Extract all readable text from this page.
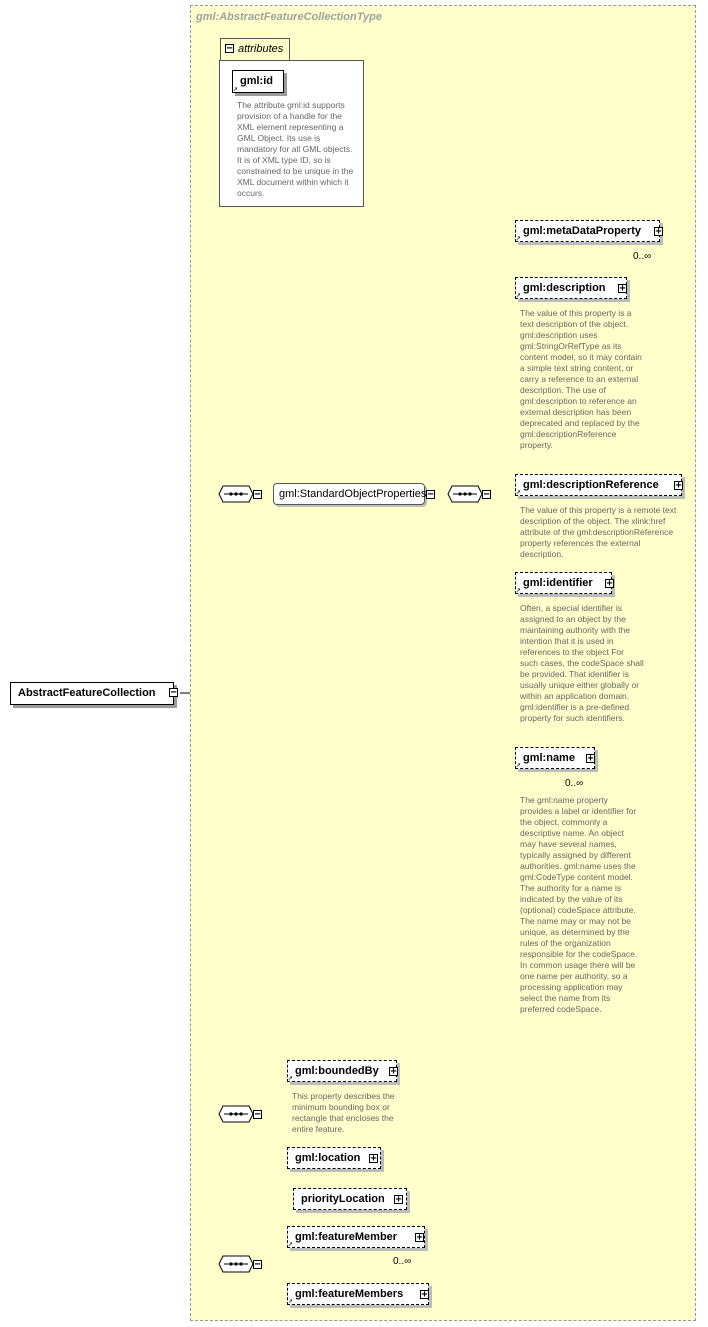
gml:AbstractFeatureCollectionType
AbstractFeatureCollection	−
− attributes
gml:id
↗
The attribute gml:id supports provision of a handle for the XML element representing a GML Object. Its use is mandatory for all GML objects. It is of XML type ID, so is constrained to be unique in the XML document within which it occurs.
−	gml:StandardObjectProperties −	−
gml:metaDataProperty	+
↗
0..∞
gml:description	+
↗
The value of this property is a text description of the object. gml:description uses gml:StringOrRefType as its content model, so it may contain a simple text string content, or carry a reference to an external description. The use of gml:description to reference an external description has been deprecated and replaced by the gml:descriptionReference property.
gml:descriptionReference	+
↗
The value of this property is a remote text description of the object. The xlink:href attribute of the gml:descriptionReference property references the external description.
gml:identifier	+
↗
Often, a special identifier is assigned to an object by the maintaining authority with the intention that it is used in references to the object For such cases, the codeSpace shall be provided. That identifier is usually unique either globally or within an application domain. gml:identifier is a pre-defined property for such identifiers.
gml:name	+
↗
0..∞
The gml:name property provides a label or identifier for the object, commonly a descriptive name. An object may have several names, typically assigned by different authorities. gml:name uses the gml:CodeType content model. The authority for a name is indicated by the value of its (optional) codeSpace attribute. The name may or may not be unique, as determined by the rules of the organization responsible for the codeSpace. In common usage there will be one name per authority, so a processing application may select the name from its preferred codeSpace.
−
gml:boundedBy	+
↗
This property describes the minimum bounding box or rectangle that encloses the entire feature.
gml:location	+
priorityLocation	+
−
gml:featureMember	+
↗
0..∞
gml:featureMembers	+
↗
